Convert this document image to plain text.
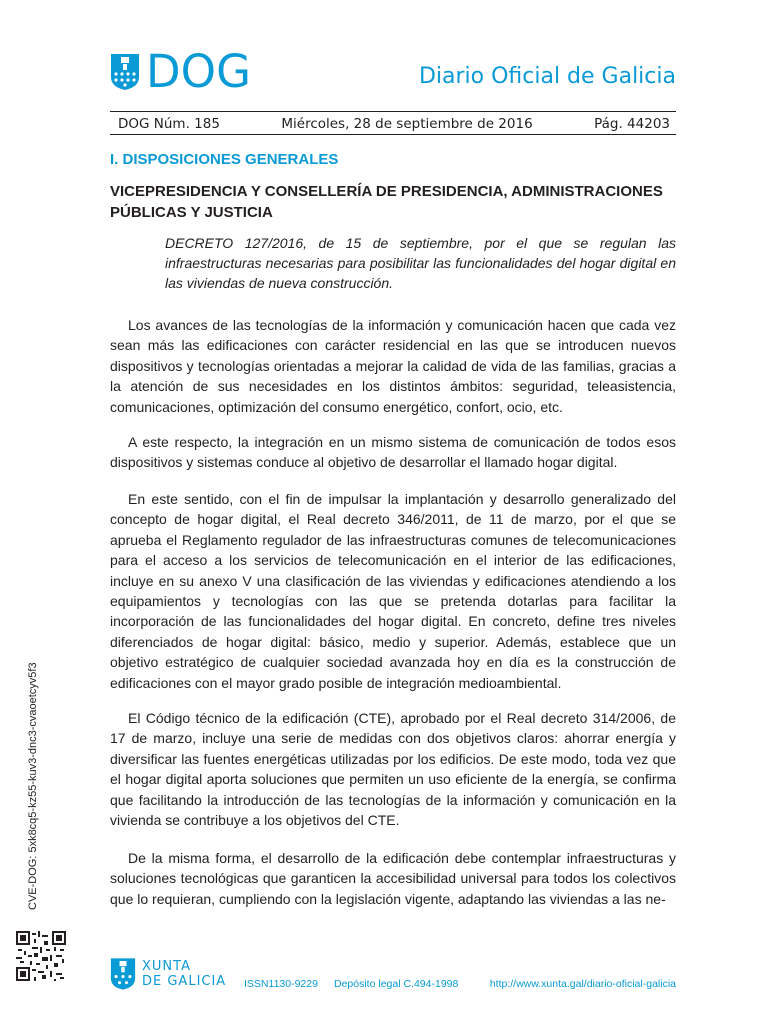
DOG	Diario Oficial de Galicia
DOG Núm. 185	Miércoles, 28 de septiembre de 2016	Pág. 44203
I. DISPOSICIONES GENERALES
VICEPRESIDENCIA Y CONSELLERÍA DE PRESIDENCIA, ADMINISTRACIONES PÚBLICAS Y JUSTICIA
DECRETO 127/2016, de 15 de septiembre, por el que se regulan las infraestructuras necesarias para posibilitar las funcionalidades del hogar digital en las viviendas de nueva construcción.

Los avances de las tecnologías de la información y comunicación hacen que cada vez sean más las edificaciones con carácter residencial en las que se introducen nuevos dispositivos y tecnologías orientadas a mejorar la calidad de vida de las familias, gracias a la atención de sus necesidades en los distintos ámbitos: seguridad, teleasistencia, comunicaciones, optimización del consumo energético, confort, ocio, etc.

A este respecto, la integración en un mismo sistema de comunicación de todos esos dispositivos y sistemas conduce al objetivo de desarrollar el llamado hogar digital.

En este sentido, con el fin de impulsar la implantación y desarrollo generalizado del concepto de hogar digital, el Real decreto 346/2011, de 11 de marzo, por el que se aprueba el Reglamento regulador de las infraestructuras comunes de telecomunicaciones para el acceso a los servicios de telecomunicación en el interior de las edificaciones, incluye en su anexo V una clasificación de las viviendas y edificaciones atendiendo a los equipamientos y tecnologías con las que se pretenda dotarlas para facilitar la incorporación de las funcionalidades del hogar digital. En concreto, define tres niveles diferenciados de hogar digital: básico, medio y superior. Además, establece que un objetivo estratégico de cualquier sociedad avanzada hoy en día es la construcción de edificaciones con el mayor grado posible de integración medioambiental.

El Código técnico de la edificación (CTE), aprobado por el Real decreto 314/2006, de 17 de marzo, incluye una serie de medidas con dos objetivos claros: ahorrar energía y diversificar las fuentes energéticas utilizadas por los edificios. De este modo, toda vez que el hogar digital aporta soluciones que permiten un uso eficiente de la energía, se confirma que facilitando la introducción de las tecnologías de la información y comunicación en la vivienda se contribuye a los objetivos del CTE.

De la misma forma, el desarrollo de la edificación debe contemplar infraestructuras y soluciones tecnológicas que garanticen la accesibilidad universal para todos los colectivos que lo requieran, cumpliendo con la legislación vigente, adaptando las viviendas a las ne-

CVE-DOG: 5xk8cq5-kz55-kuv3-dnc3-cvaoetcyv5f3
XUNTA
DE GALICIA ISSN1130-9229 Depósito legal C.494-1998	http://www.xunta.gal/diario-oficial-galicia
